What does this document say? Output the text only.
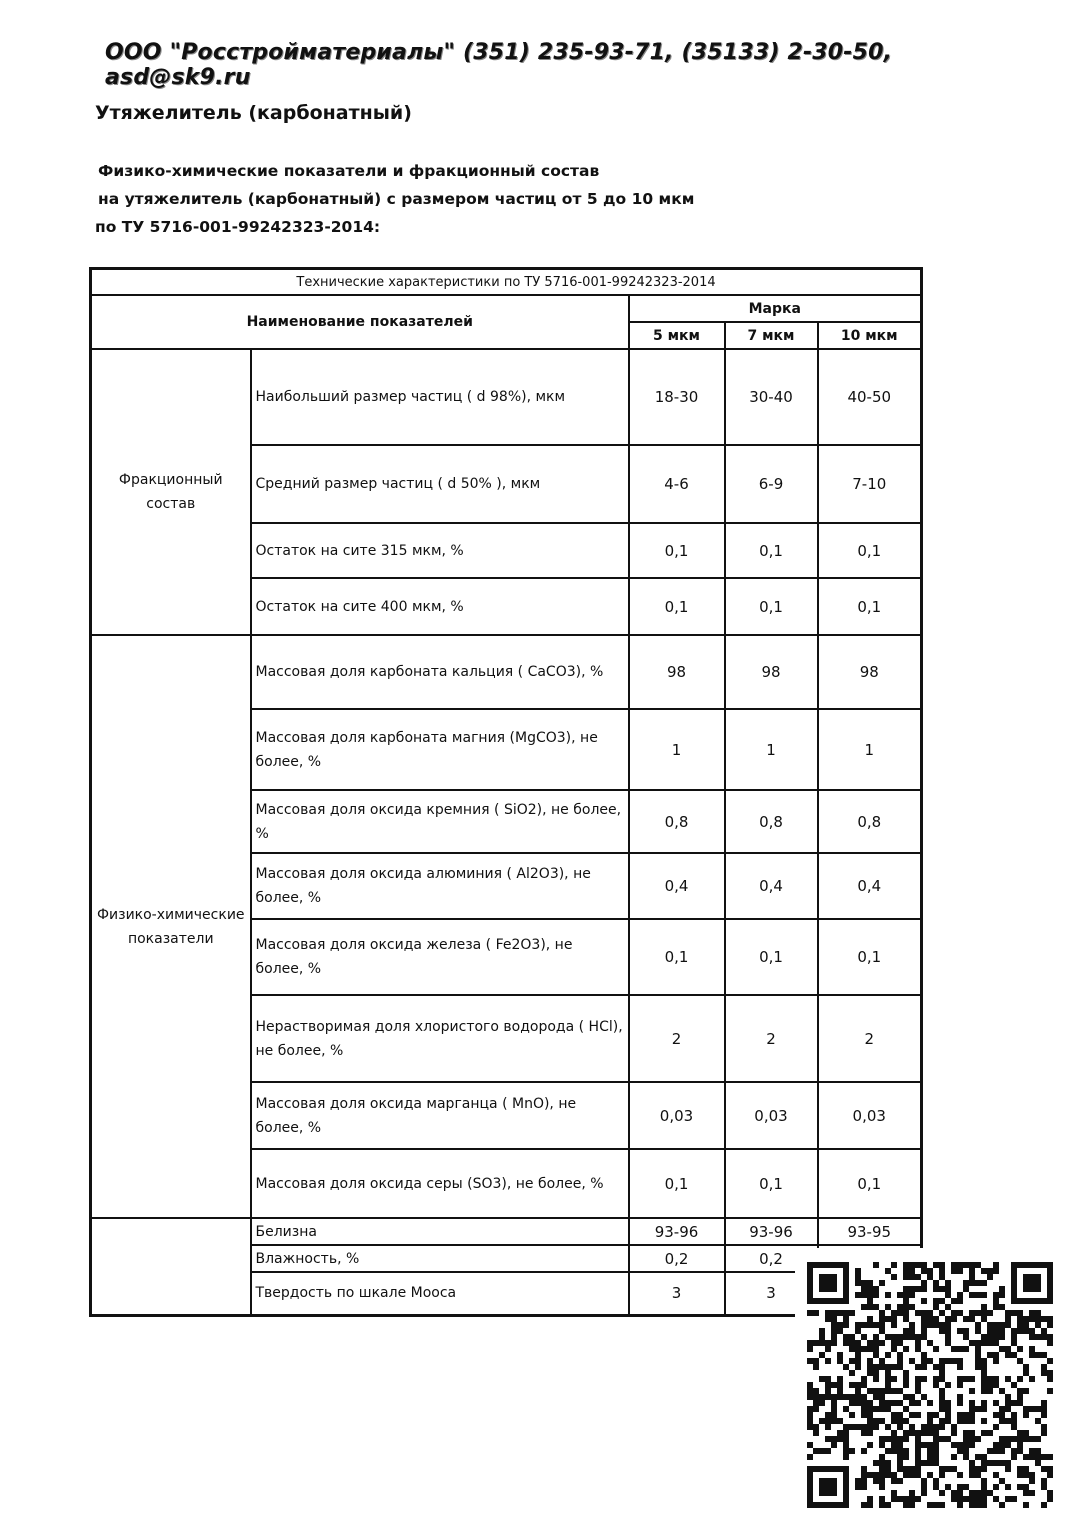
ООО "Росстройматериалы" (351) 235-93-71, (35133) 2-30-50, asd@sk9.ru
Утяжелитель (карбонатный)
Физико-химические показатели и фракционный состав
на утяжелитель (карбонатный) с размером частиц от 5 до 10 мкм
по ТУ 5716-001-99242323-2014:
Технические характеристики по ТУ 5716-001-99242323-2014				
Наименование показателей		Марка		
		5 мкм	7 мкм	10 мкм
Фракционный состав	Наибольший размер частиц ( d 98%), мкм	18-30	30-40	40-50
	Средний размер частиц ( d 50% ), мкм	4-6	6-9	7-10
	Остаток на сите 315 мкм, %	0,1	0,1	0,1
	Остаток на сите 400 мкм, %	0,1	0,1	0,1
Физико-химические показатели	Массовая доля карбоната кальция ( CaCO3), %	98	98	98
	Массовая доля карбоната магния (MgCO3), не более, %	1	1	1
	Массовая доля оксида кремния ( SiO2), не более, %	0,8	0,8	0,8
	Массовая доля оксида алюминия ( Al2O3), не более, %	0,4	0,4	0,4
	Массовая доля оксида железа ( Fe2O3), не более, %	0,1	0,1	0,1
	Нерастворимая доля хлористого водорода ( HCl), не более, %	2	2	2
	Массовая доля оксида марганца ( MnO), не более, %	0,03	0,03	0,03
	Массовая доля оксида серы (SO3), не более, %	0,1	0,1	0,1
	Белизна	93-96	93-96	93-95
	Влажность, %	0,2	0,2	
	Твердость по шкале Мооса	3	3	
